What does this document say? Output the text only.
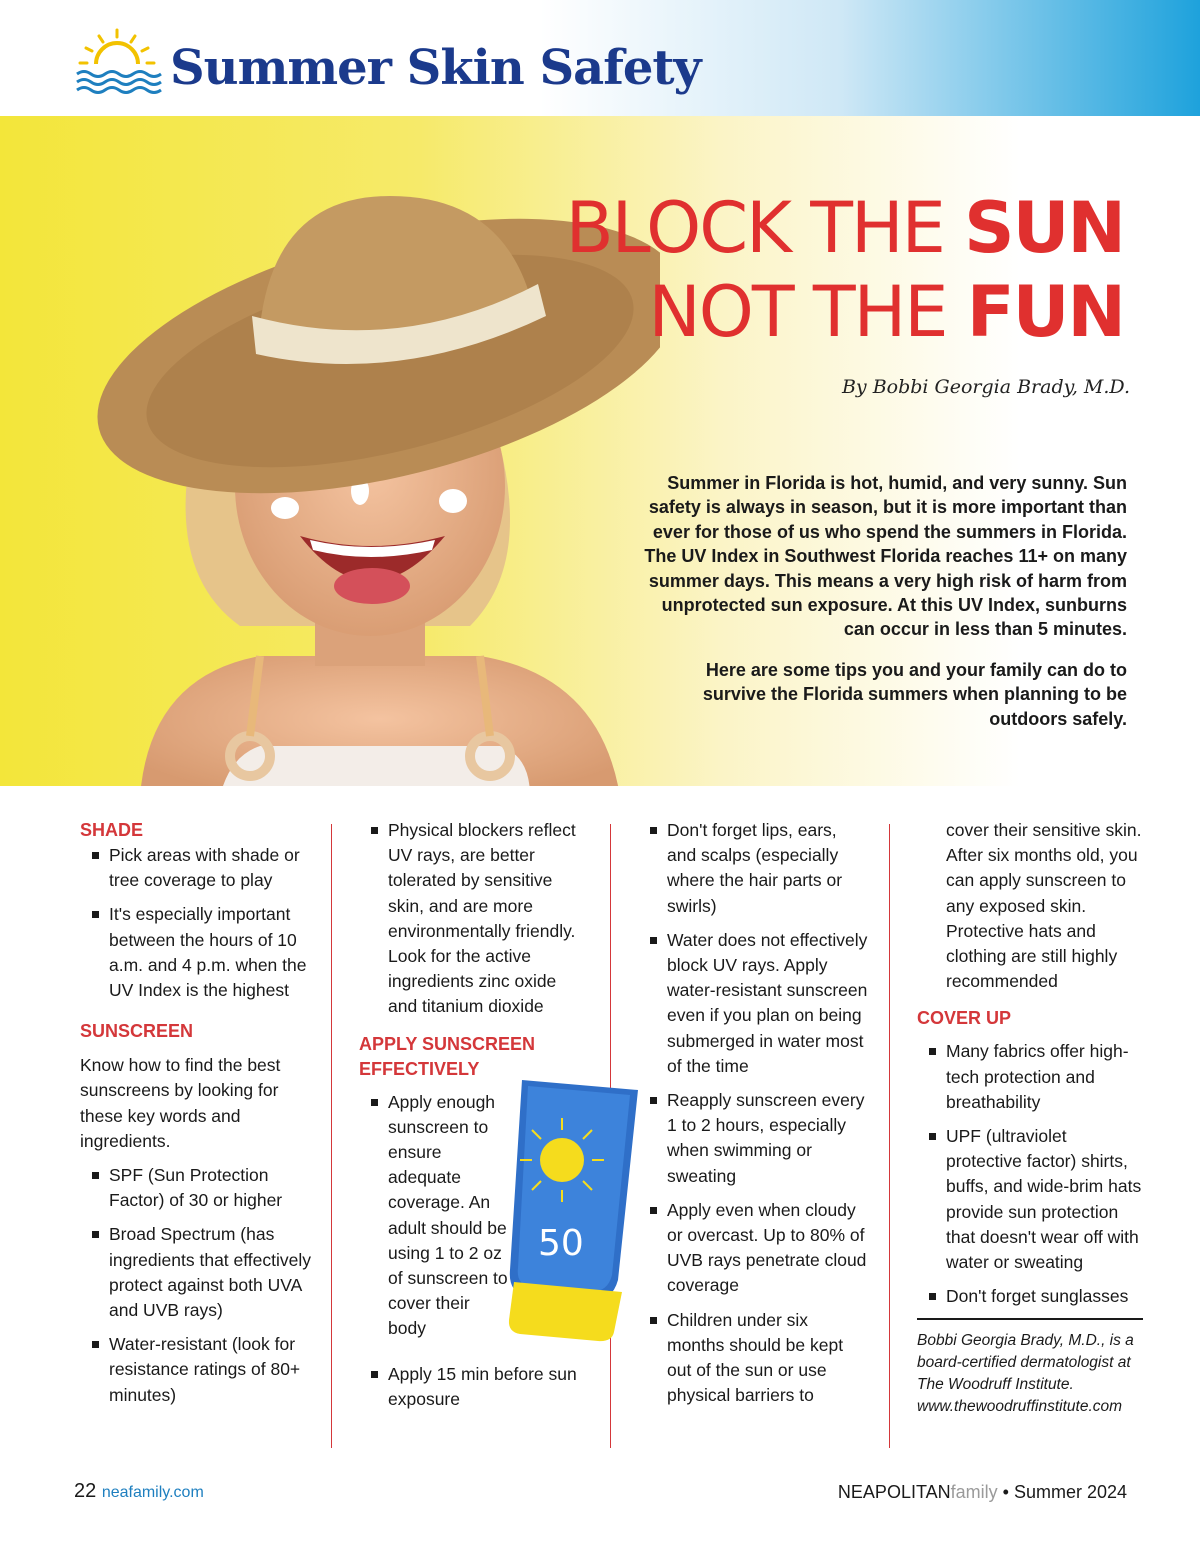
Summer Skin Safety
BLOCK THE SUN
NOT THE FUN
By Bobbi Georgia Brady, M.D.

Summer in Florida is hot, humid, and very sunny. Sun safety is always in season, but it is more important than ever for those of us who spend the summers in Florida. The UV Index in Southwest Florida reaches 11+ on many summer days. This means a very high risk of harm from unprotected sun exposure. At this UV Index, sunburns can occur in less than 5 minutes.

Here are some tips you and your family can do to survive the Florida summers when planning to be outdoors safely.

SHADE
Pick areas with shade or tree coverage to play
It's especially important between the hours of 10 a.m. and 4 p.m. when the UV Index is the highest
SUNSCREEN

Know how to find the best sunscreens by looking for these key words and ingredients.

SPF (Sun Protection Factor) of 30 or higher
Broad Spectrum (has ingredients that effectively protect against both UVA and UVB rays)
Water-resistant (look for resistance ratings of 80+ minutes)
Physical blockers reflect UV rays, are better tolerated by sensitive skin, and are more environmentally friendly. Look for the active ingredients zinc oxide and titanium dioxide
APPLY SUNSCREEN EFFECTIVELY
Apply enough sunscreen to ensure adequate coverage. An adult should be using 1 to 2 oz of sunscreen to cover their body
Apply 15 min before sun exposure
50
Don't forget lips, ears, and scalps (especially where the hair parts or swirls)
Water does not effectively block UV rays. Apply water-resistant sunscreen even if you plan on being submerged in water most of the time
Reapply sunscreen every 1 to 2 hours, especially when swimming or sweating
Apply even when cloudy or overcast. Up to 80% of UVB rays penetrate cloud coverage
Children under six months should be kept out of the sun or use physical barriers to

cover their sensitive skin. After six months old, you can apply sunscreen to any exposed skin. Protective hats and clothing are still highly recommended

COVER UP
Many fabrics offer high-tech protection and breathability
UPF (ultraviolet protective factor) shirts, buffs, and wide-brim hats provide sun protection that doesn't wear off with water or sweating
Don't forget sunglasses

Bobbi Georgia Brady, M.D., is a board-certified dermatologist at The Woodruff Institute. www.thewoodruffinstitute.com

22 neafamily.com	NEAPOLITANfamily • Summer 2024
